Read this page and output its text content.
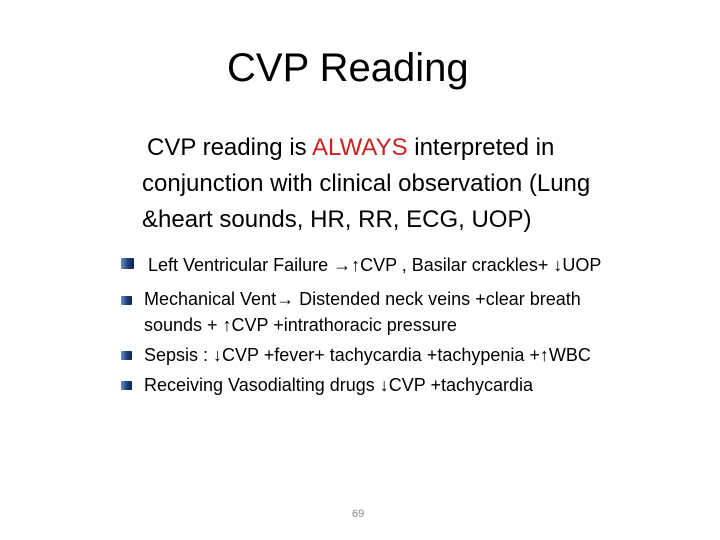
CVP Reading
CVP reading is ALWAYS interpreted in
conjunction with clinical observation (Lung
&heart sounds, HR, RR, ECG, UOP)
Left Ventricular Failure →↑CVP , Basilar crackles+ ↓UOP
Mechanical Vent→ Distended neck veins +clear breath
sounds + ↑CVP +intrathoracic pressure
Sepsis : ↓CVP +fever+ tachycardia +tachypenia +↑WBC
Receiving Vasodialting drugs ↓CVP +tachycardia
69
